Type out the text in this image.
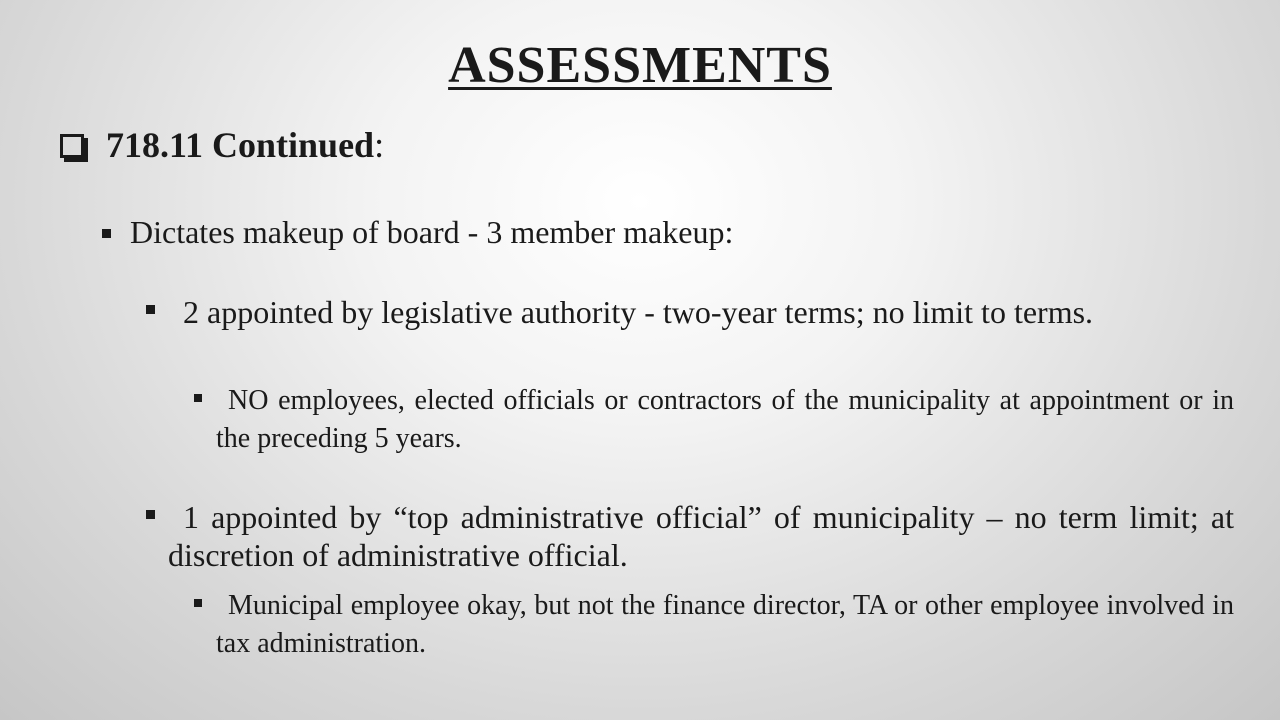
ASSESSMENTS
718.11 Continued :
Dictates makeup of board - 3 member makeup:
2 appointed by legislative authority - two-year terms; no limit to terms.
NO employees, elected officials or contractors of the municipality at appointment or in the preceding 5 years.
1 appointed by “top administrative official” of municipality – no term limit; at discretion of administrative official.
Municipal employee okay, but not the finance director, TA or other employee involved in tax administration.
